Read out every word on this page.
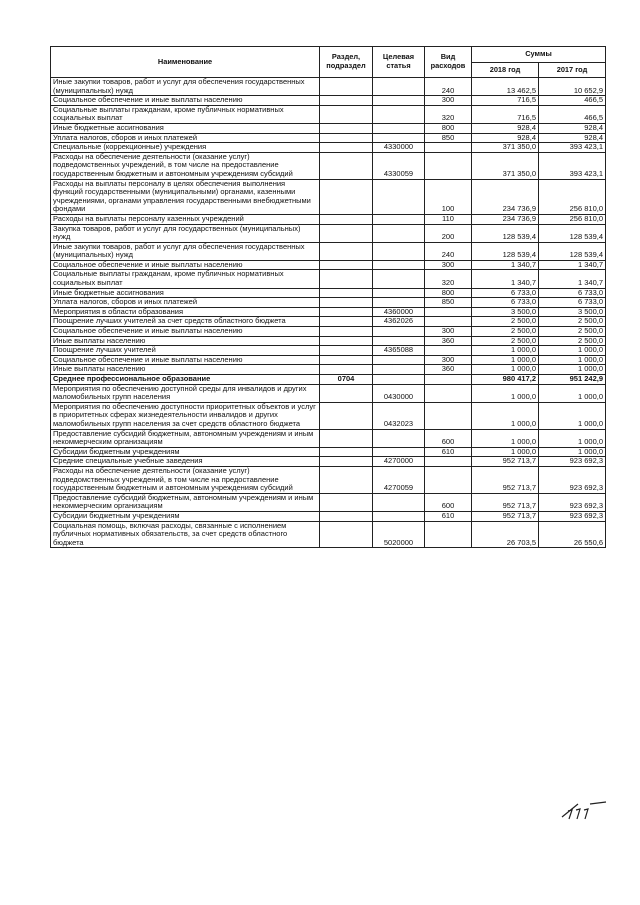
Наименование	Раздел, подраздел	Целевая статья	Вид расходов	Суммы	
				2018 год	2017 год
Иные закупки товаров, работ и услуг для обеспечения государственных (муниципальных) нужд			240	13 462,5	10 652,9
Социальное обеспечение и иные выплаты населению			300	716,5	466,5
Социальные выплаты гражданам, кроме публичных нормативных социальных выплат			320	716,5	466,5
Иные бюджетные ассигнования			800	928,4	928,4
Уплата налогов, сборов и иных платежей			850	928,4	928,4
Специальные (коррекционные) учреждения		4330000		371 350,0	393 423,1
Расходы на обеспечение деятельности (оказание услуг) подведомственных учреждений, в том числе на предоставление государственным бюджетным и автономным учреждениям субсидий		4330059		371 350,0	393 423,1
Расходы на выплаты персоналу в целях обеспечения выполнения функций государственными (муниципальными) органами, казенными учреждениями, органами управления государственными внебюджетными фондами			100	234 736,9	256 810,0
Расходы на выплаты персоналу казенных учреждений			110	234 736,9	256 810,0
Закупка товаров, работ и услуг для государственных (муниципальных) нужд			200	128 539,4	128 539,4
Иные закупки товаров, работ и услуг для обеспечения государственных (муниципальных) нужд			240	128 539,4	128 539,4
Социальное обеспечение и иные выплаты населению			300	1 340,7	1 340,7
Социальные выплаты гражданам, кроме публичных нормативных социальных выплат			320	1 340,7	1 340,7
Иные бюджетные ассигнования			800	6 733,0	6 733,0
Уплата налогов, сборов и иных платежей			850	6 733,0	6 733,0
Мероприятия в области образования		4360000		3 500,0	3 500,0
Поощрение лучших учителей за счет средств областного бюджета		4362026		2 500,0	2 500,0
Социальное обеспечение и иные выплаты населению			300	2 500,0	2 500,0
Иные выплаты населению			360	2 500,0	2 500,0
Поощрение лучших учителей		4365088		1 000,0	1 000,0
Социальное обеспечение и иные выплаты населению			300	1 000,0	1 000,0
Иные выплаты населению			360	1 000,0	1 000,0
Среднее профессиональное образование	0704			980 417,2	951 242,9
Мероприятия по обеспечению доступной среды для инвалидов и других маломобильных групп населения		0430000		1 000,0	1 000,0
Мероприятия по обеспечению доступности приоритетных объектов и услуг в приоритетных сферах жизнедеятельности инвалидов и других маломобильных групп населения за счет средств областного бюджета		0432023		1 000,0	1 000,0
Предоставление субсидий бюджетным, автономным учреждениям и иным некоммерческим организациям			600	1 000,0	1 000,0
Субсидии бюджетным учреждениям			610	1 000,0	1 000,0
Средние специальные учебные заведения		4270000		952 713,7	923 692,3
Расходы на обеспечение деятельности (оказание услуг) подведомственных учреждений, в том числе на предоставление государственным бюджетным и автономным учреждениям субсидий		4270059		952 713,7	923 692,3
Предоставление субсидий бюджетным, автономным учреждениям и иным некоммерческим организациям			600	952 713,7	923 692,3
Субсидии бюджетным учреждениям			610	952 713,7	923 692,3
Социальная помощь, включая расходы, связанные с исполнением публичных нормативных обязательств, за счет средств областного бюджета		5020000		26 703,5	26 550,6
